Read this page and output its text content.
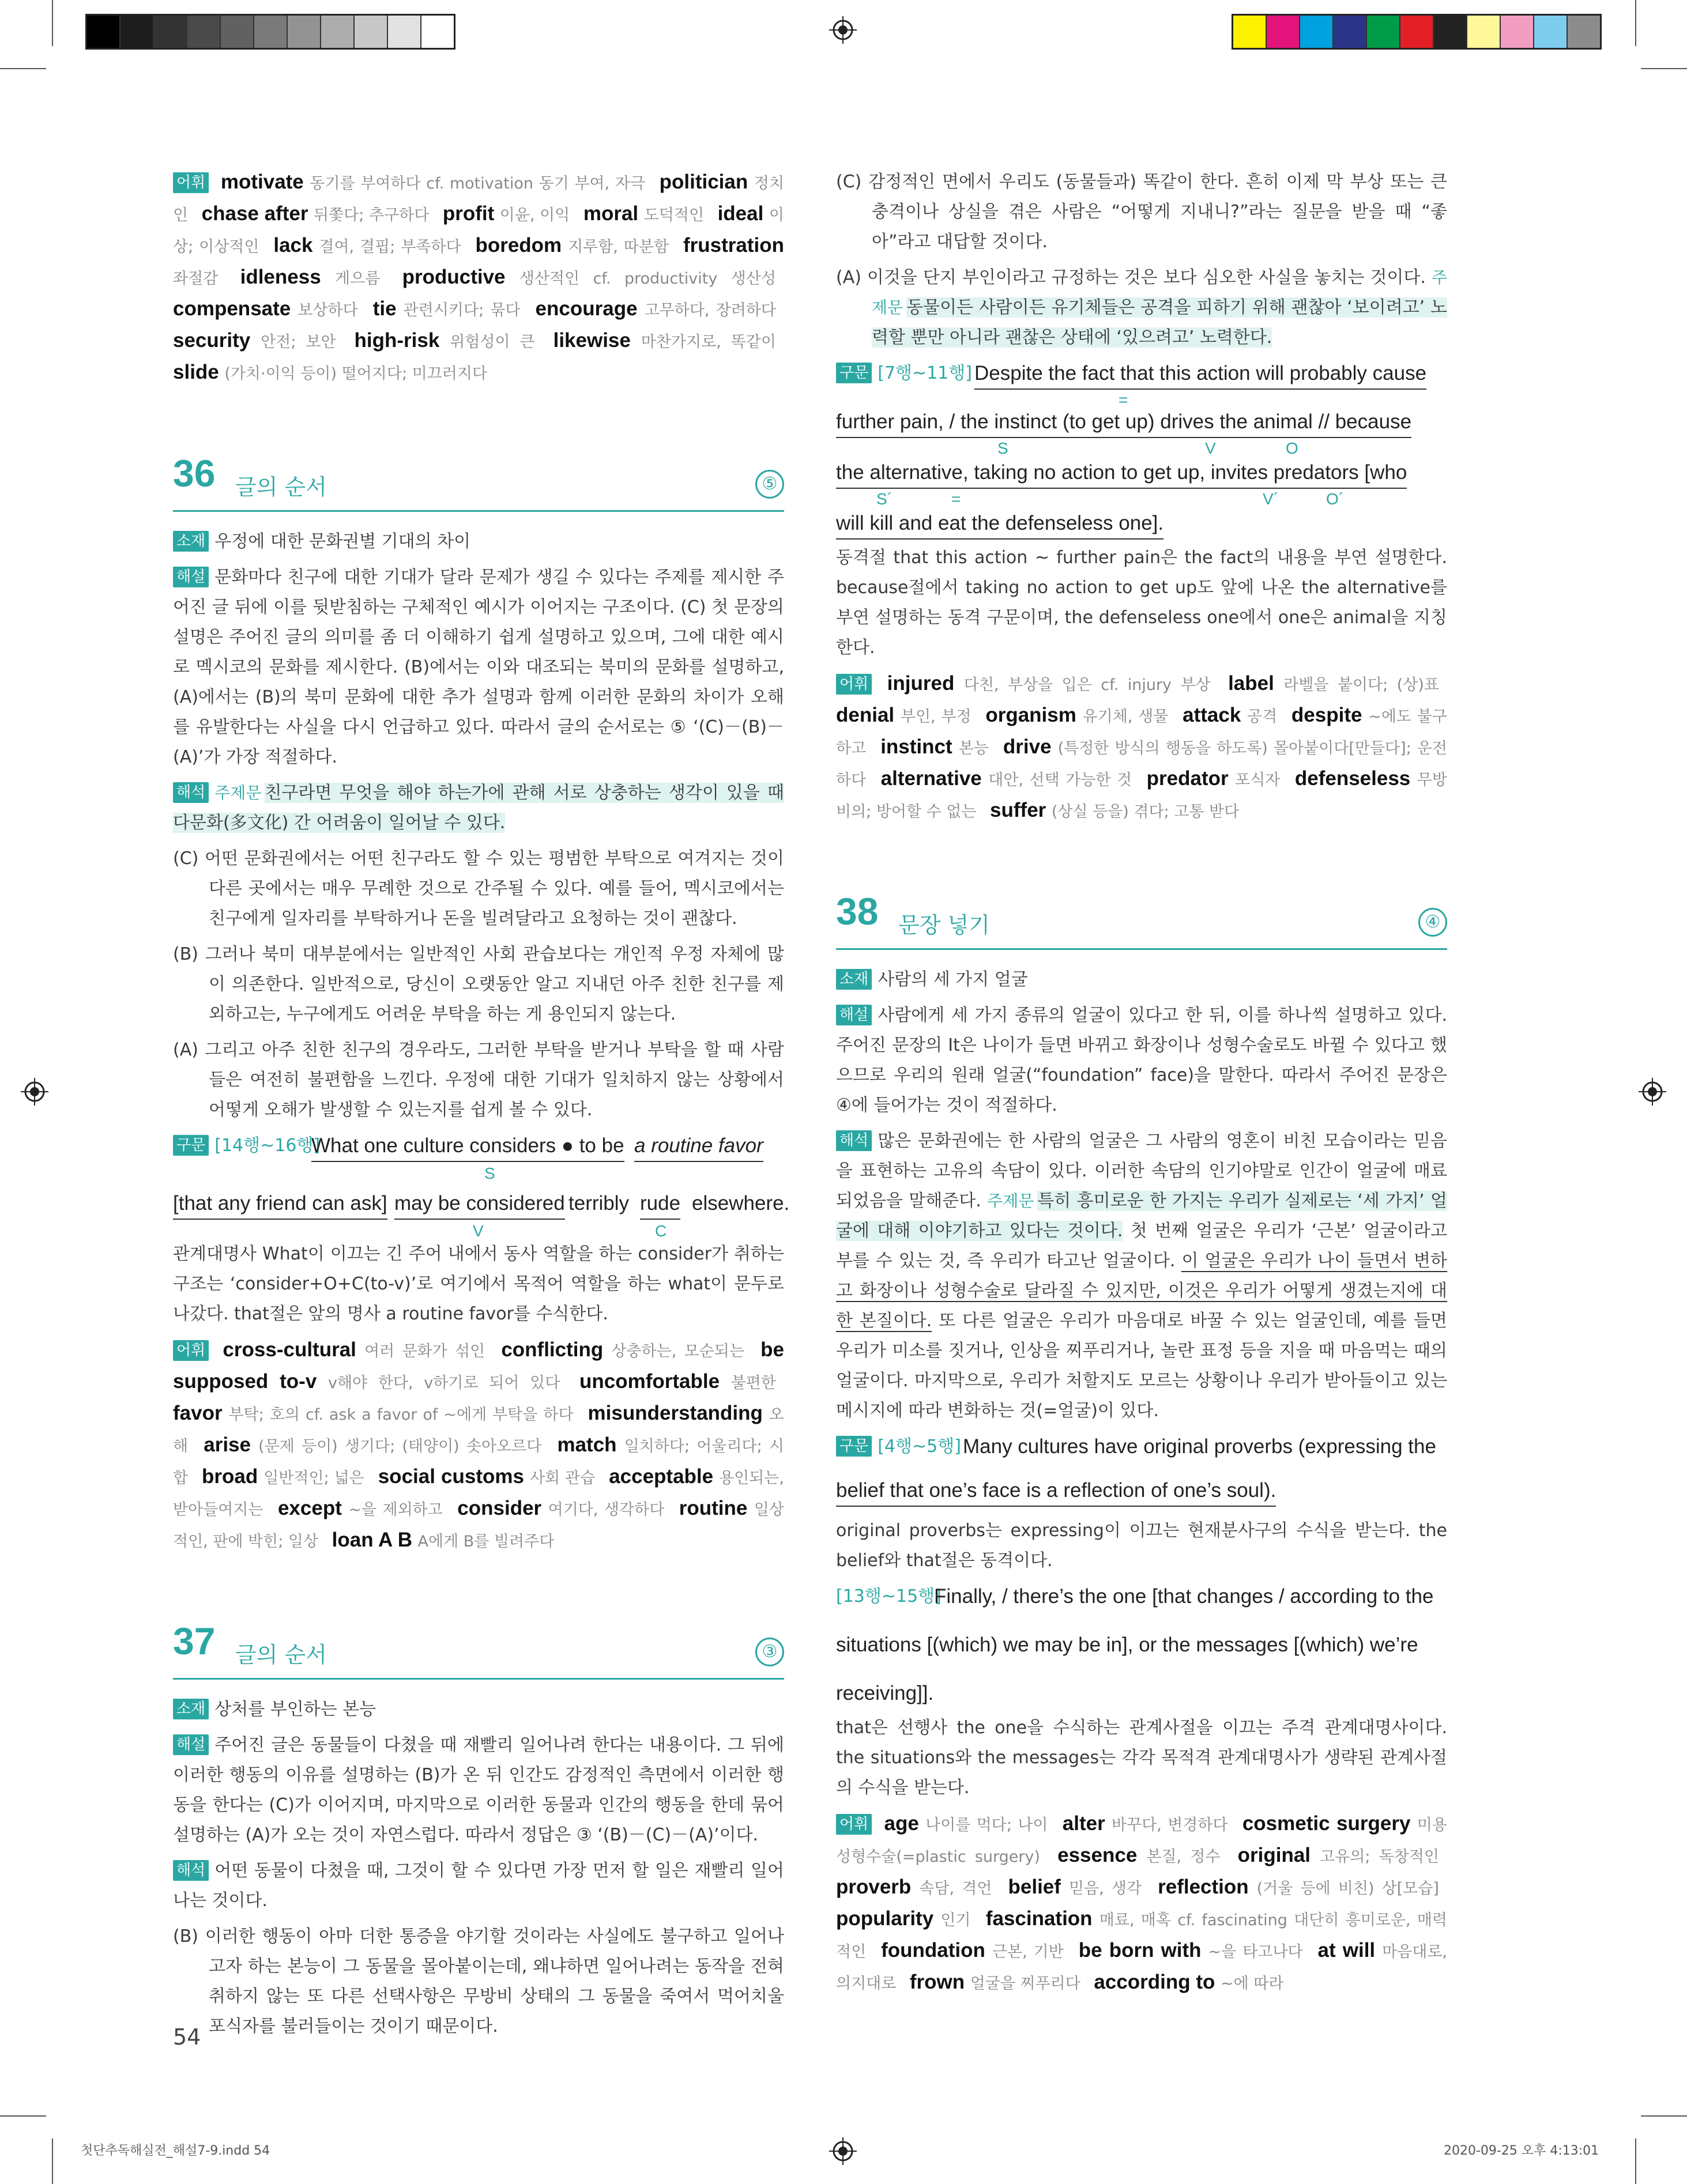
어휘 motivate 동기를 부여하다 cf. motivation 동기 부여, 자극 politician 정치인 chase after 뒤쫓다; 추구하다 profit 이윤, 이익 moral 도덕적인 ideal 이상; 이상적인 lack 결여, 결핍; 부족하다 boredom 지루함, 따분함 frustration 좌절감 idleness 게으름 productive 생산적인 cf. productivity 생산성 compensate 보상하다 tie 관련시키다; 묶다 encourage 고무하다, 장려하다 security 안전; 보안 high-risk 위험성이 큰 likewise 마찬가지로, 똑같이 slide (가치·이익 등이) 떨어지다; 미끄러지다
36 글의 순서	⑤

소재 우정에 대한 문화권별 기대의 차이

해설 문화마다 친구에 대한 기대가 달라 문제가 생길 수 있다는 주제를 제시한 주어진 글 뒤에 이를 뒷받침하는 구체적인 예시가 이어지는 구조이다. (C) 첫 문장의 설명은 주어진 글의 의미를 좀 더 이해하기 쉽게 설명하고 있으며, 그에 대한 예시로 멕시코의 문화를 제시한다. (B)에서는 이와 대조되는 북미의 문화를 설명하고, (A)에서는 (B)의 북미 문화에 대한 추가 설명과 함께 이러한 문화의 차이가 오해를 유발한다는 사실을 다시 언급하고 있다. 따라서 글의 순서로는 ⑤ ‘(C)－(B)－(A)’가 가장 적절하다.

해석 주제문 친구라면 무엇을 해야 하는가에 관해 서로 상충하는 생각이 있을 때 다문화(多文化) 간 어려움이 일어날 수 있다.

(C) 어떤 문화권에서는 어떤 친구라도 할 수 있는 평범한 부탁으로 여겨지는 것이 다른 곳에서는 매우 무례한 것으로 간주될 수 있다. 예를 들어, 멕시코에서는 친구에게 일자리를 부탁하거나 돈을 빌려달라고 요청하는 것이 괜찮다.

(B) 그러나 북미 대부분에서는 일반적인 사회 관습보다는 개인적 우정 자체에 많이 의존한다. 일반적으로, 당신이 오랫동안 알고 지내던 아주 친한 친구를 제외하고는, 누구에게도 어려운 부탁을 하는 게 용인되지 않는다.

(A) 그리고 아주 친한 친구의 경우라도, 그러한 부탁을 받거나 부탁을 할 때 사람들은 여전히 불편함을 느낀다. 우정에 대한 기대가 일치하지 않는 상황에서 어떻게 오해가 발생할 수 있는지를 쉽게 볼 수 있다.

구문 [14행~16행]

What one culture considers ● to be a routine favor
S
[that any friend can ask] may be considered terribly rude elsewhere.
V	C

관계대명사 What이 이끄는 긴 주어 내에서 동사 역할을 하는 consider가 취하는 구조는 ‘consider+O+C(to-v)’로 여기에서 목적어 역할을 하는 what이 문두로 나갔다. that절은 앞의 명사 a routine favor를 수식한다.

어휘 cross-cultural 여러 문화가 섞인 conflicting 상충하는, 모순되는 be supposed to-v v해야 한다, v하기로 되어 있다 uncomfortable 불편한 favor 부탁; 호의 cf. ask a favor of ~에게 부탁을 하다 misunderstanding 오해 arise (문제 등이) 생기다; (태양이) 솟아오르다 match 일치하다; 어울리다; 시합 broad 일반적인; 넓은 social customs 사회 관습 acceptable 용인되는, 받아들여지는 except ~을 제외하고 consider 여기다, 생각하다 routine 일상적인, 판에 박힌; 일상 loan A B A에게 B를 빌려주다
37 글의 순서	③

소재 상처를 부인하는 본능

해설 주어진 글은 동물들이 다쳤을 때 재빨리 일어나려 한다는 내용이다. 그 뒤에 이러한 행동의 이유를 설명하는 (B)가 온 뒤 인간도 감정적인 측면에서 이러한 행동을 한다는 (C)가 이어지며, 마지막으로 이러한 동물과 인간의 행동을 한데 묶어 설명하는 (A)가 오는 것이 자연스럽다. 따라서 정답은 ③ ‘(B)－(C)－(A)’이다.

해석 어떤 동물이 다쳤을 때, 그것이 할 수 있다면 가장 먼저 할 일은 재빨리 일어나는 것이다.

(B) 이러한 행동이 아마 더한 통증을 야기할 것이라는 사실에도 불구하고 일어나고자 하는 본능이 그 동물을 몰아붙이는데, 왜냐하면 일어나려는 동작을 전혀 취하지 않는 또 다른 선택사항은 무방비 상태의 그 동물을 죽여서 먹어치울 포식자를 불러들이는 것이기 때문이다.

(C) 감정적인 면에서 우리도 (동물들과) 똑같이 한다. 흔히 이제 막 부상 또는 큰 충격이나 상실을 겪은 사람은 “어떻게 지내니?”라는 질문을 받을 때 “좋아”라고 대답할 것이다.

(A) 이것을 단지 부인이라고 규정하는 것은 보다 심오한 사실을 놓치는 것이다. 주제문 동물이든 사람이든 유기체들은 공격을 피하기 위해 괜찮아 ‘보이려고’ 노력할 뿐만 아니라 괜찮은 상태에 ‘있으려고’ 노력한다.

구문 [7행~11행] Despite the fact that this action will probably cause
=
further pain, / the instinct (to get up) drives the animal // because
S	V	O
the alternative, taking no action to get up, invites predators [who
S´	=	V´	O´
will kill and eat the defenseless one].

동격절 that this action ~ further pain은 the fact의 내용을 부연 설명한다. because절에서 taking no action to get up도 앞에 나온 the alternative를 부연 설명하는 동격 구문이며, the defenseless one에서 one은 animal을 지칭한다.

어휘 injured 다친, 부상을 입은 cf. injury 부상 label 라벨을 붙이다; (상)표 denial 부인, 부정 organism 유기체, 생물 attack 공격 despite ~에도 불구하고 instinct 본능 drive (특정한 방식의 행동을 하도록) 몰아붙이다[만들다]; 운전하다 alternative 대안, 선택 가능한 것 predator 포식자 defenseless 무방비의; 방어할 수 없는 suffer (상실 등을) 겪다; 고통 받다
38 문장 넣기	④

소재 사람의 세 가지 얼굴

해설 사람에게 세 가지 종류의 얼굴이 있다고 한 뒤, 이를 하나씩 설명하고 있다. 주어진 문장의 It은 나이가 들면 바뀌고 화장이나 성형수술로도 바뀔 수 있다고 했으므로 우리의 원래 얼굴(“foundation” face)을 말한다. 따라서 주어진 문장은 ④에 들어가는 것이 적절하다.

해석 많은 문화권에는 한 사람의 얼굴은 그 사람의 영혼이 비친 모습이라는 믿음을 표현하는 고유의 속담이 있다. 이러한 속담의 인기야말로 인간이 얼굴에 매료되었음을 말해준다. 주제문 특히 흥미로운 한 가지는 우리가 실제로는 ‘세 가지’ 얼굴에 대해 이야기하고 있다는 것이다. 첫 번째 얼굴은 우리가 ‘근본’ 얼굴이라고 부를 수 있는 것, 즉 우리가 타고난 얼굴이다. 이 얼굴은 우리가 나이 들면서 변하고 화장이나 성형수술로 달라질 수 있지만, 이것은 우리가 어떻게 생겼는지에 대한 본질이다. 또 다른 얼굴은 우리가 마음대로 바꿀 수 있는 얼굴인데, 예를 들면 우리가 미소를 짓거나, 인상을 찌푸리거나, 놀란 표정 등을 지을 때 마음먹는 때의 얼굴이다. 마지막으로, 우리가 처할지도 모르는 상황이나 우리가 받아들이고 있는 메시지에 따라 변화하는 것(=얼굴)이 있다.

구문 [4행~5행] Many cultures have original proverbs (expressing the
belief that one’s face is a reflection of one’s soul).

original proverbs는 expressing이 이끄는 현재분사구의 수식을 받는다. the belief와 that절은 동격이다.

[13행~15행]

Finally, / there’s the one [that changes / according to the
situations [(which) we may be in], or the messages [(which) we’re
receiving]].

that은 선행사 the one을 수식하는 관계사절을 이끄는 주격 관계대명사이다. the situations와 the messages는 각각 목적격 관계대명사가 생략된 관계사절의 수식을 받는다.

어휘 age 나이를 먹다; 나이 alter 바꾸다, 변경하다 cosmetic surgery 미용 성형수술(=plastic surgery) essence 본질, 정수 original 고유의; 독창적인 proverb 속담, 격언 belief 믿음, 생각 reflection (거울 등에 비친) 상[모습] popularity 인기 fascination 매료, 매혹 cf. fascinating 대단히 흥미로운, 매력적인 foundation 근본, 기반 be born with ~을 타고나다 at will 마음대로, 의지대로 frown 얼굴을 찌푸리다 according to ~에 따라
54
첫단추독해실전_해설7-9.indd 54	2020-09-25 오후 4:13:01
